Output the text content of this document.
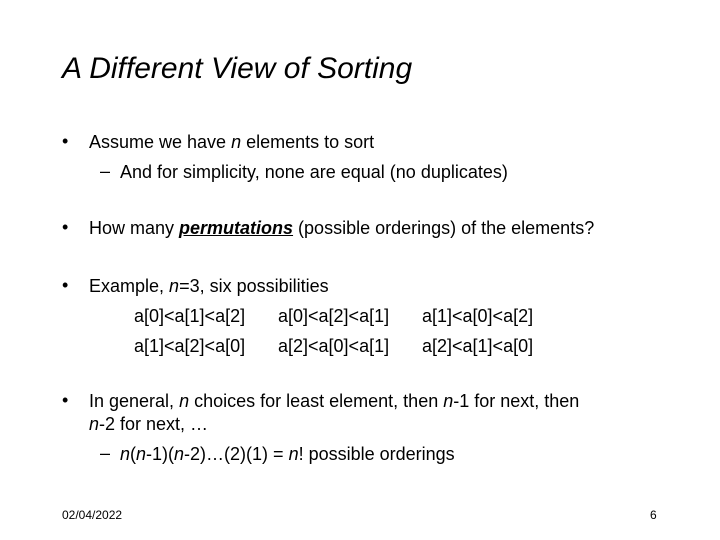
A Different View of Sorting
• Assume we have n elements to sort
– And for simplicity, none are equal (no duplicates)
• How many permutations (possible orderings) of the elements?
• Example, n=3, six possibilities
a[0]<a[1]<a[2] a[0]<a[2]<a[1] a[1]<a[0]<a[2]
a[1]<a[2]<a[0] a[2]<a[0]<a[1] a[2]<a[1]<a[0]
• In general, n choices for least element, then n-1 for next, then
n-2 for next, …
– n(n-1)(n-2)…(2)(1) = n! possible orderings
02/04/2022	6
